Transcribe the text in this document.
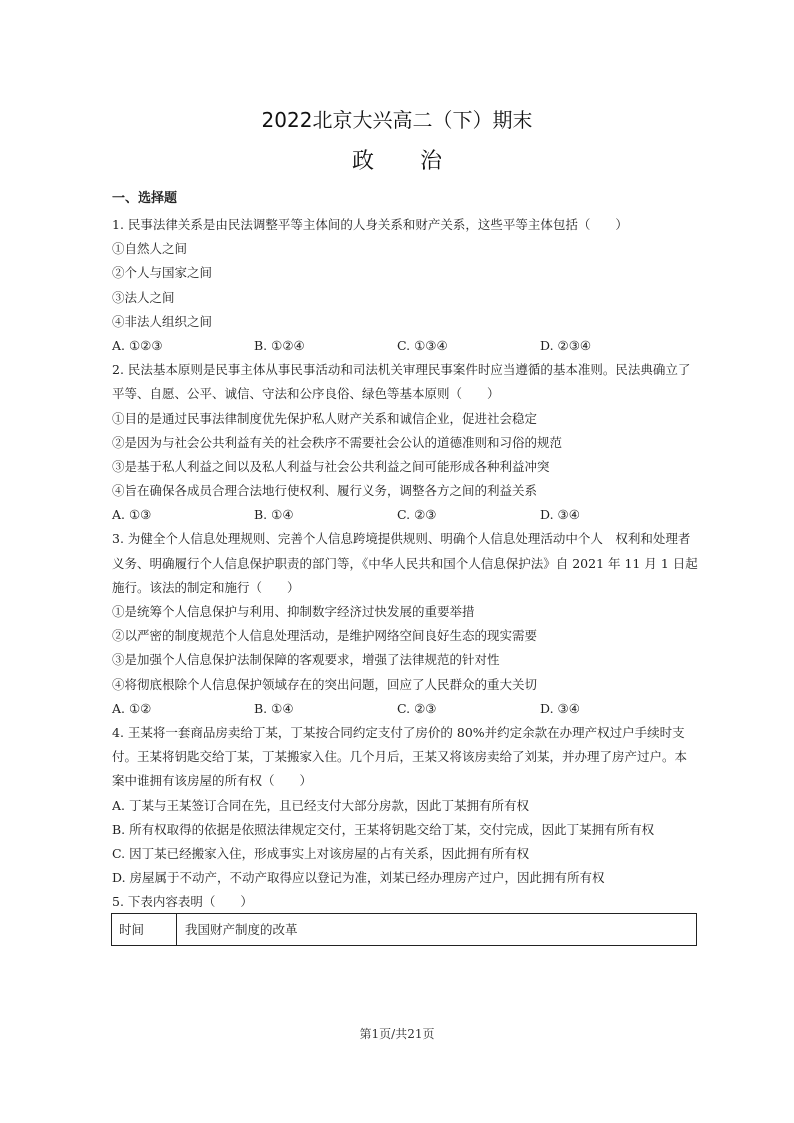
2022北京大兴高二（下）期末
政 治
一、选择题
1. 民事法律关系是由民法调整平等主体间的人身关系和财产关系，这些平等主体包括（　　）
①自然人之间
②个人与国家之间
③法人之间
④非法人组织之间
A. ①②③	B. ①②④	C. ①③④	D. ②③④
2. 民法基本原则是民事主体从事民事活动和司法机关审理民事案件时应当遵循的基本准则。民法典确立了
平等、自愿、公平、诚信、守法和公序良俗、绿色等基本原则（　　）
①目的是通过民事法律制度优先保护私人财产关系和诚信企业，促进社会稳定
②是因为与社会公共利益有关的社会秩序不需要社会公认的道德准则和习俗的规范
③是基于私人利益之间以及私人利益与社会公共利益之间可能形成各种利益冲突
④旨在确保各成员合理合法地行使权利、履行义务，调整各方之间的利益关系
A. ①③	B. ①④	C. ②③	D. ③④
3. 为健全个人信息处理规则、完善个人信息跨境提供规则、明确个人信息处理活动中个人　权利和处理者
义务、明确履行个人信息保护职责的部门等，《中华人民共和国个人信息保护法》自 2021 年 11 月 1 日起
施行。该法的制定和施行（　　）
①是统筹个人信息保护与利用、抑制数字经济过快发展的重要举措
②以严密的制度规范个人信息处理活动，是维护网络空间良好生态的现实需要
③是加强个人信息保护法制保障的客观要求，增强了法律规范的针对性
④将彻底根除个人信息保护领域存在的突出问题，回应了人民群众的重大关切
A. ①②	B. ①④	C. ②③	D. ③④
4. 王某将一套商品房卖给丁某，丁某按合同约定支付了房价的 80%并约定余款在办理产权过户手续时支
付。王某将钥匙交给丁某，丁某搬家入住。几个月后，王某又将该房卖给了刘某，并办理了房产过户。本
案中谁拥有该房屋的所有权（　　）
A. 丁某与王某签订合同在先，且已经支付大部分房款，因此丁某拥有所有权
B. 所有权取得的依据是依照法律规定交付，王某将钥匙交给丁某，交付完成，因此丁某拥有所有权
C. 因丁某已经搬家入住，形成事实上对该房屋的占有关系，因此拥有所有权
D. 房屋属于不动产，不动产取得应以登记为准，刘某已经办理房产过户，因此拥有所有权
5. 下表内容表明（　　）
时间	我国财产制度的改革
第1页/共21页
